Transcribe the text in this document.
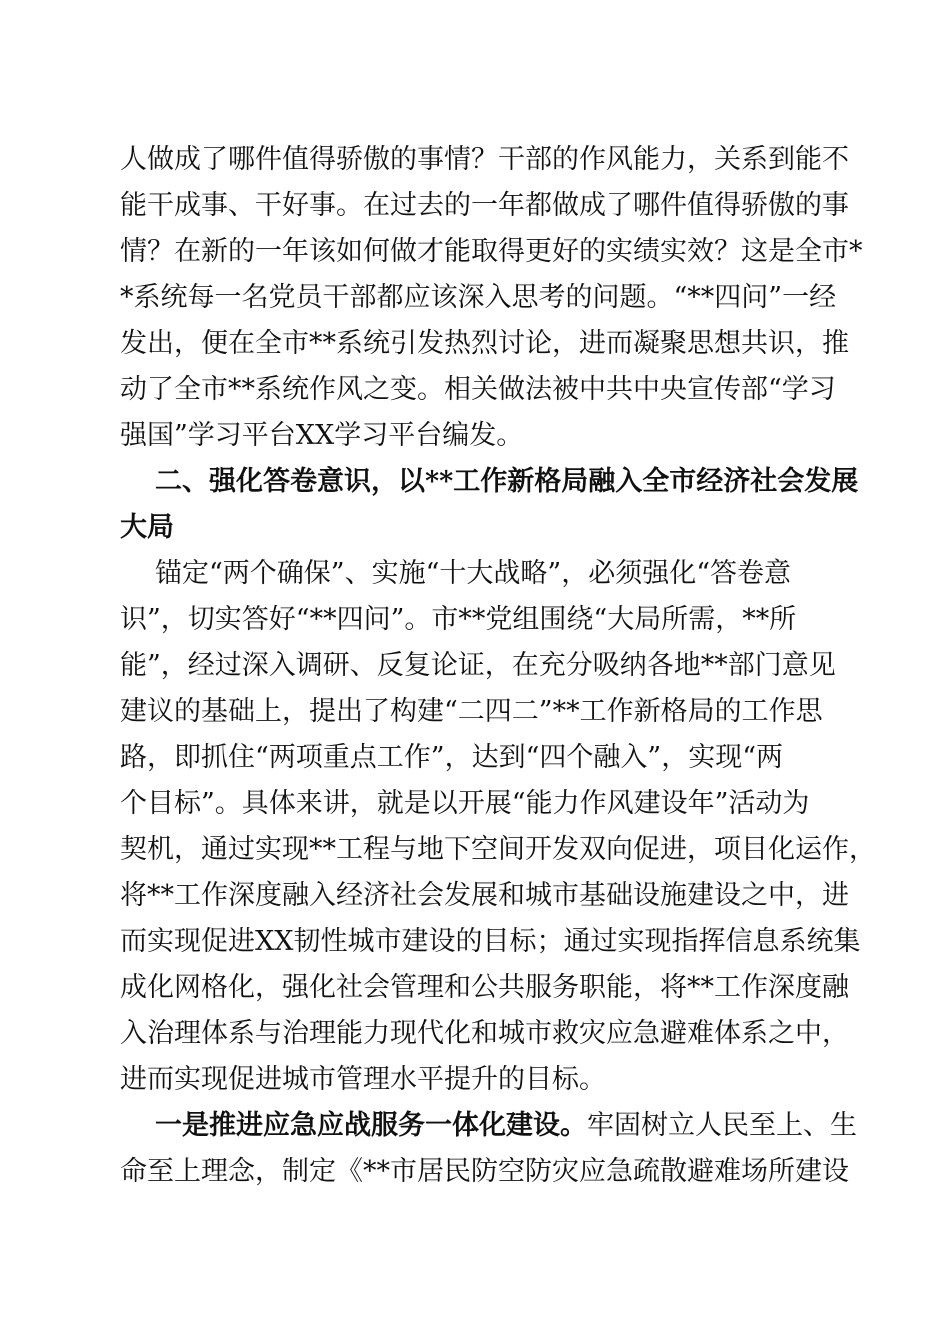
人做成了哪件值得骄傲的事情？干部的作风能力，关系到能不
能干成事、干好事。在过去的一年都做成了哪件值得骄傲的事
情？在新的一年该如何做才能取得更好的实绩实效？这是全市*
*系统每一名党员干部都应该深入思考的问题。“**四问”一经
发出，便在全市**系统引发热烈讨论，进而凝聚思想共识，推
动了全市**系统作风之变。相关做法被中共中央宣传部“学习
强国”学习平台XX学习平台编发。
二、强化答卷意识，以**工作新格局融入全市经济社会发展
大局
锚定“两个确保”、实施“十大战略”，必须强化“答卷意
识”，切实答好“**四问”。市**党组围绕“大局所需，**所
能”，经过深入调研、反复论证，在充分吸纳各地**部门意见
建议的基础上，提出了构建“二四二”**工作新格局的工作思
路，即抓住“两项重点工作”，达到“四个融入”，实现“两
个目标”。具体来讲，就是以开展“能力作风建设年”活动为
契机，通过实现**工程与地下空间开发双向促进，项目化运作，
将**工作深度融入经济社会发展和城市基础设施建设之中，进
而实现促进XX韧性城市建设的目标；通过实现指挥信息系统集
成化网格化，强化社会管理和公共服务职能，将**工作深度融
入治理体系与治理能力现代化和城市救灾应急避难体系之中，
进而实现促进城市管理水平提升的目标。
一是推进应急应战服务一体化建设。牢固树立人民至上、生
命至上理念，制定《**市居民防空防灾应急疏散避难场所建设
